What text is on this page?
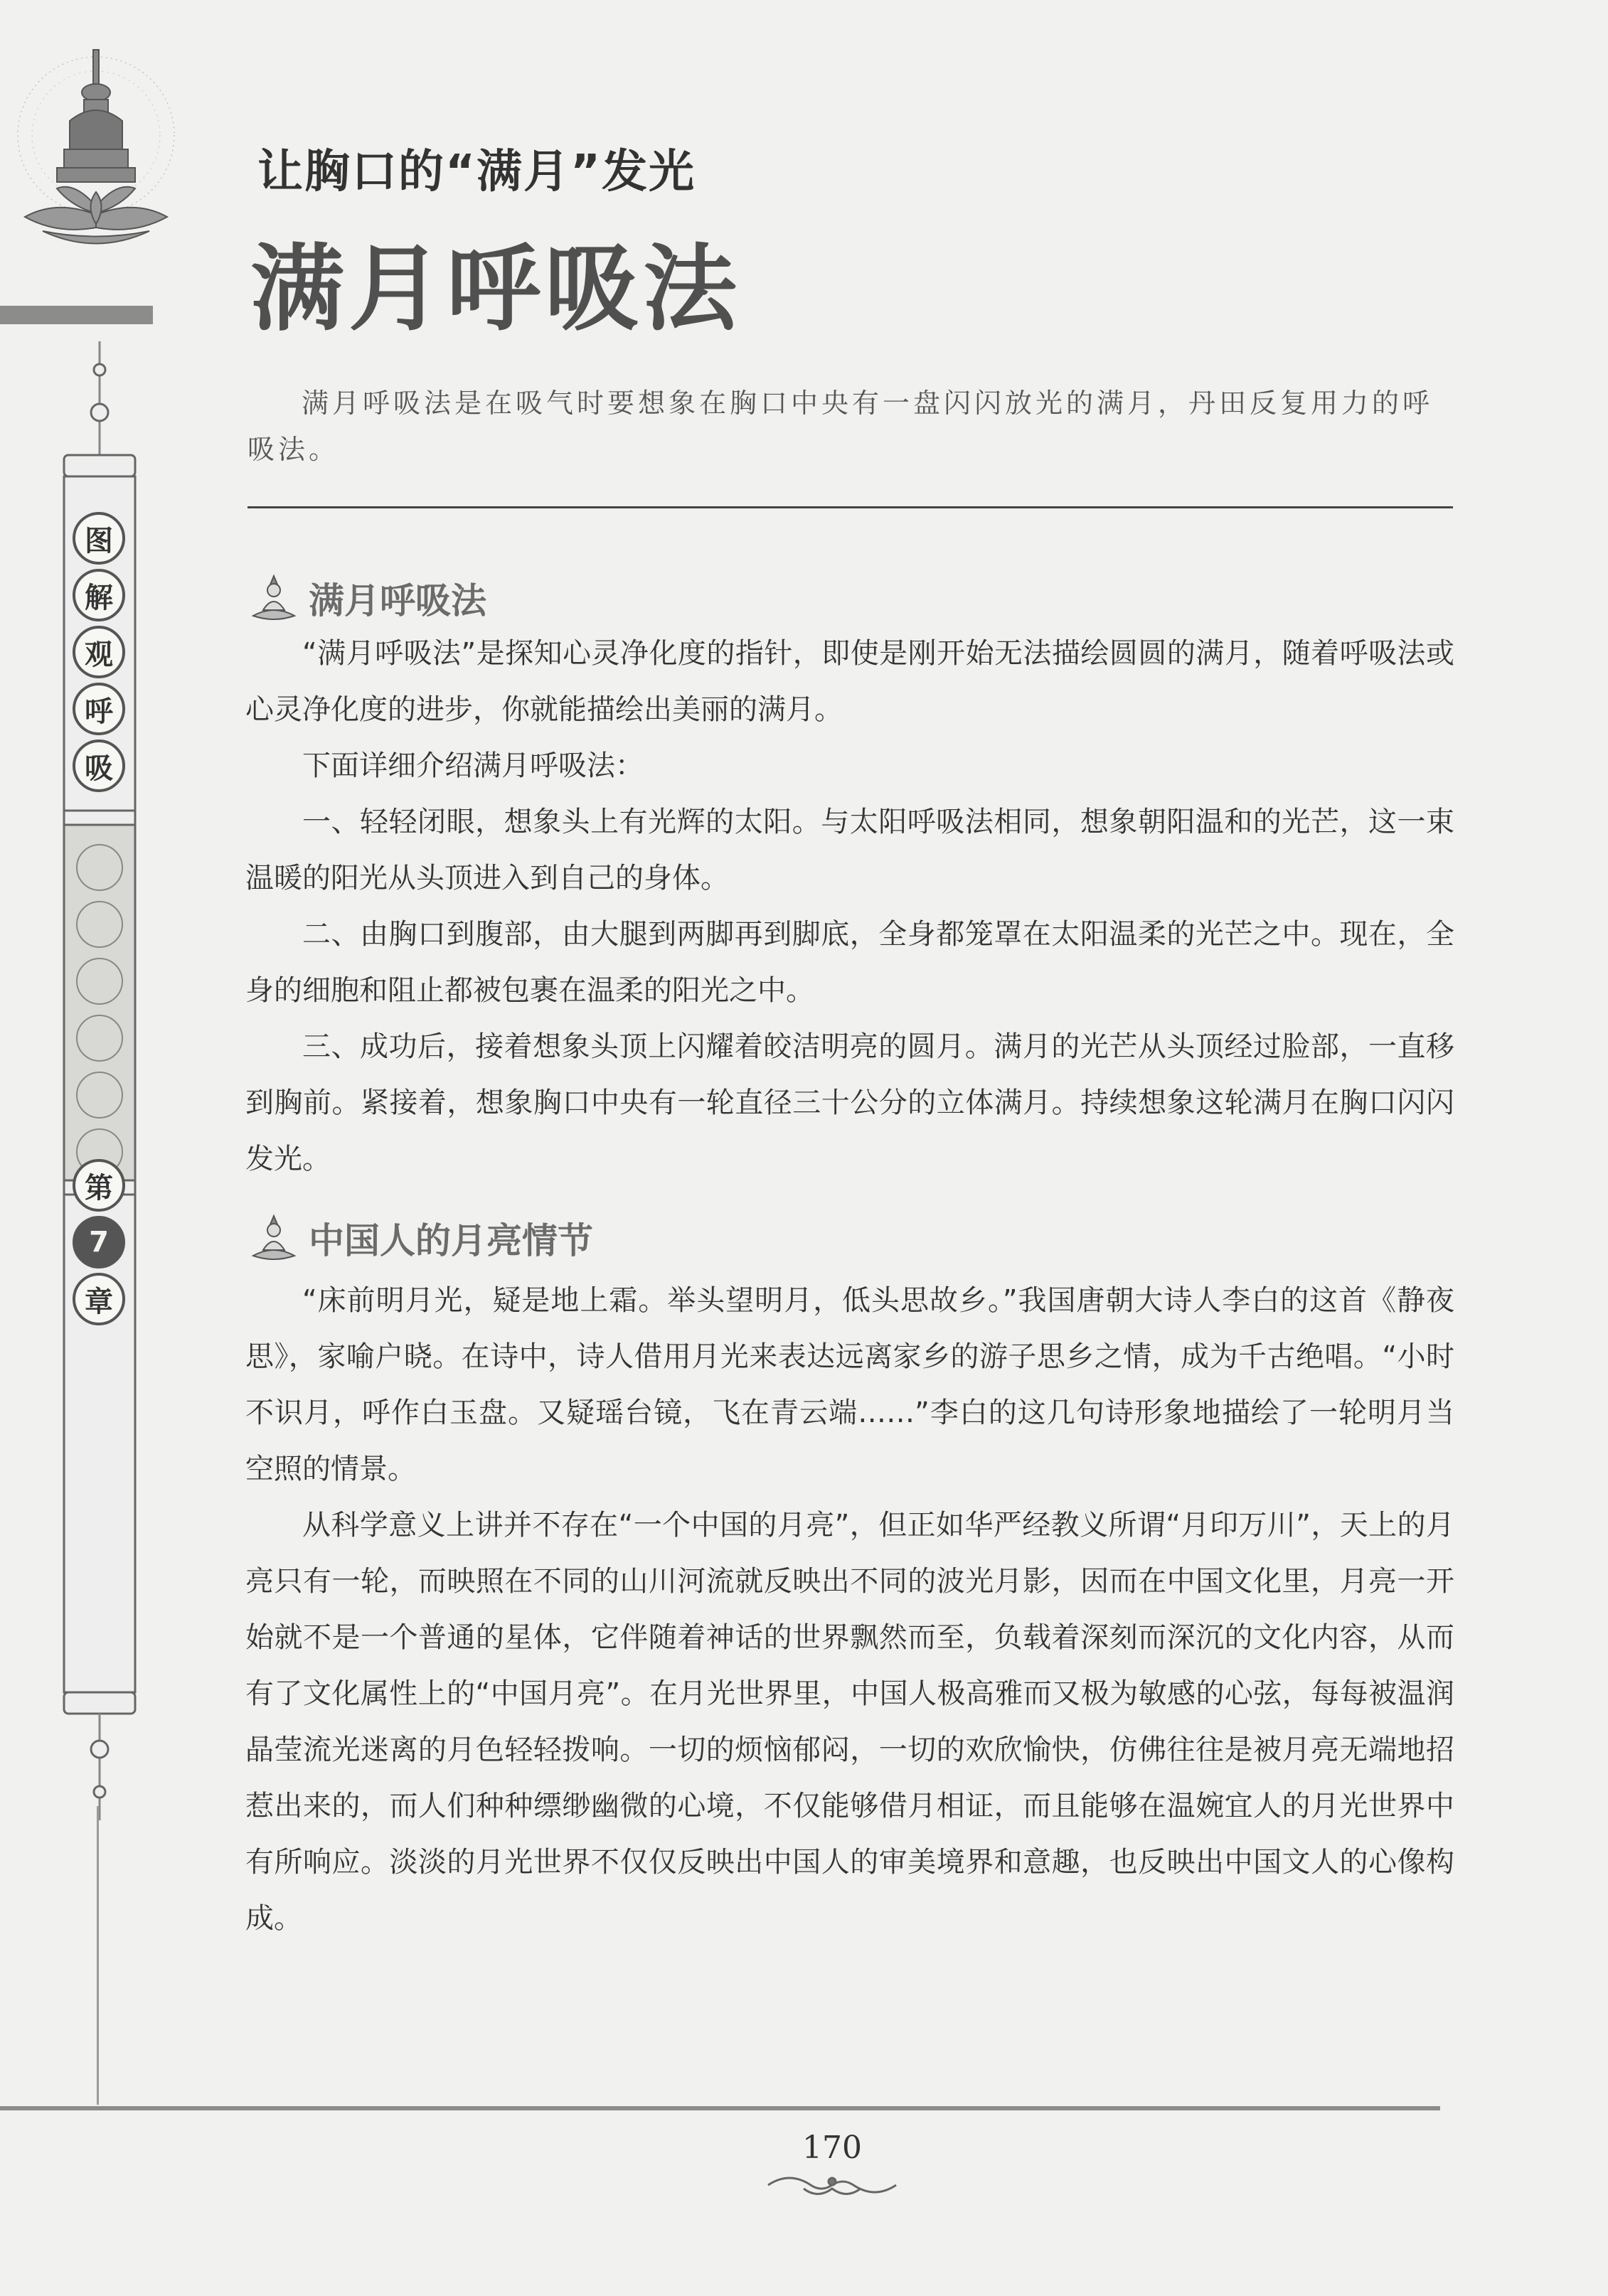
图
解
观
呼
吸
第
7
章
让胸口的“满月”发光
满月呼吸法

满月呼吸法是在吸气时要想象在胸口中央有一盘闪闪放光的满月，丹田反复用力的呼吸法。

满月呼吸法

“满月呼吸法”是探知心灵净化度的指针，即使是刚开始无法描绘圆圆的满月，随着呼吸法或心灵净化度的进步，你就能描绘出美丽的满月。

下面详细介绍满月呼吸法：

一、轻轻闭眼，想象头上有光辉的太阳。与太阳呼吸法相同，想象朝阳温和的光芒，这一束温暖的阳光从头顶进入到自己的身体。

二、由胸口到腹部，由大腿到两脚再到脚底，全身都笼罩在太阳温柔的光芒之中。现在，全身的细胞和阻止都被包裹在温柔的阳光之中。

三、成功后，接着想象头顶上闪耀着皎洁明亮的圆月。满月的光芒从头顶经过脸部，一直移到胸前。紧接着，想象胸口中央有一轮直径三十公分的立体满月。持续想象这轮满月在胸口闪闪发光。

中国人的月亮情节

“床前明月光，疑是地上霜。举头望明月，低头思故乡。”我国唐朝大诗人李白的这首《静夜思》，家喻户晓。在诗中，诗人借用月光来表达远离家乡的游子思乡之情，成为千古绝唱。“小时不识月，呼作白玉盘。又疑瑶台镜，飞在青云端……”李白的这几句诗形象地描绘了一轮明月当空照的情景。

从科学意义上讲并不存在“一个中国的月亮”，但正如华严经教义所谓“月印万川”，天上的月亮只有一轮，而映照在不同的山川河流就反映出不同的波光月影，因而在中国文化里，月亮一开始就不是一个普通的星体，它伴随着神话的世界飘然而至，负载着深刻而深沉的文化内容，从而有了文化属性上的“中国月亮”。在月光世界里，中国人极高雅而又极为敏感的心弦，每每被温润晶莹流光迷离的月色轻轻拨响。一切的烦恼郁闷，一切的欢欣愉快，仿佛往往是被月亮无端地招惹出来的，而人们种种缥缈幽微的心境，不仅能够借月相证，而且能够在温婉宜人的月光世界中有所响应。淡淡的月光世界不仅仅反映出中国人的审美境界和意趣，也反映出中国文人的心像构成。

170
